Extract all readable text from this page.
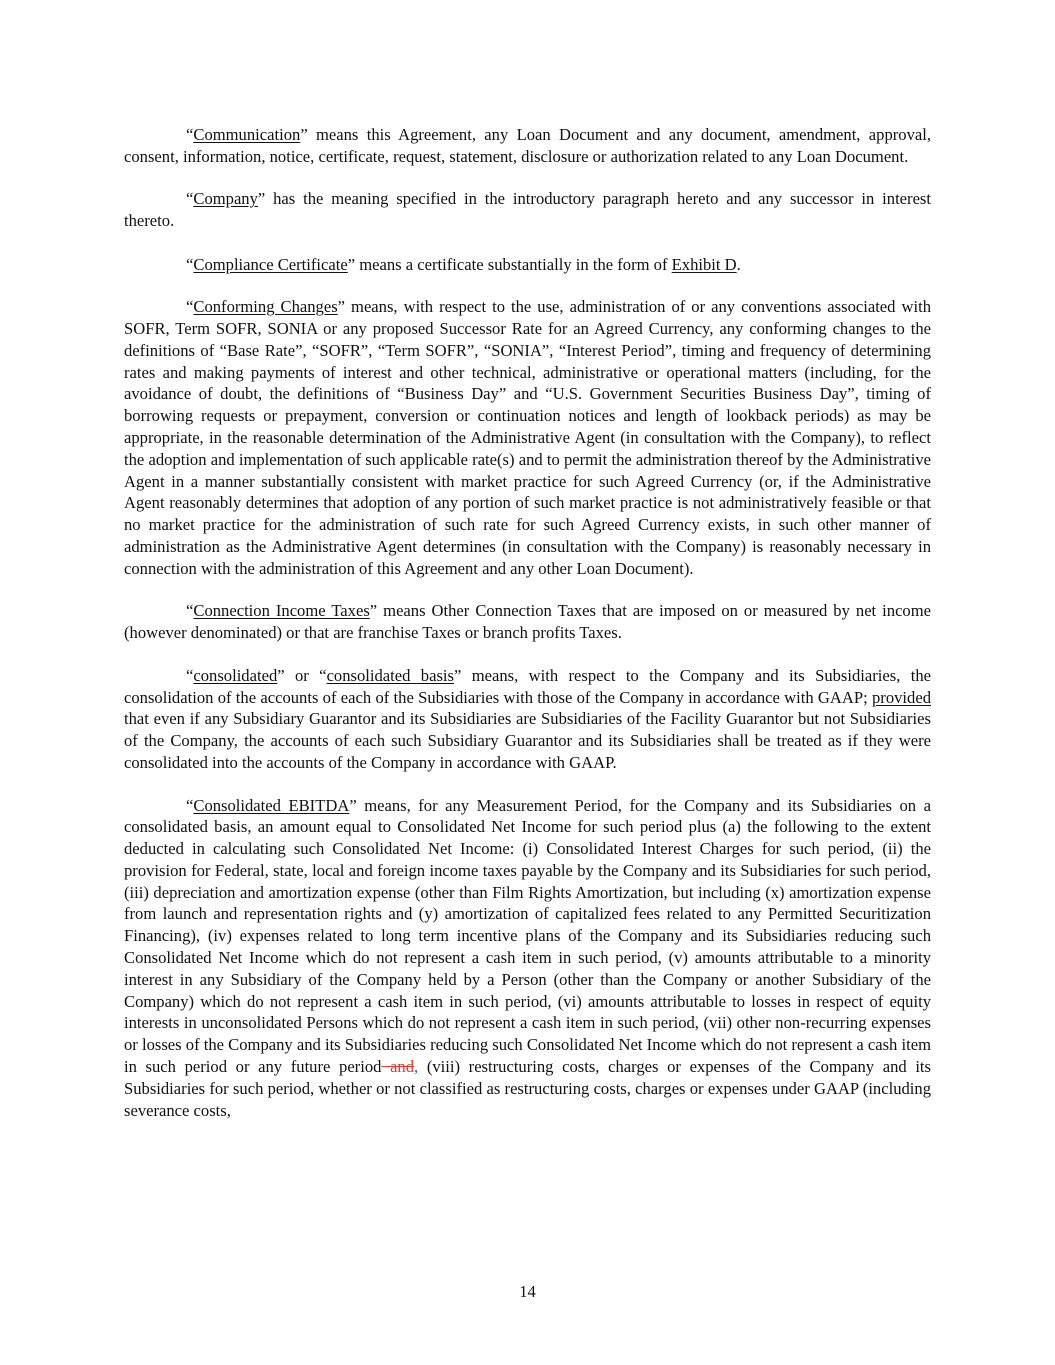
“Communication” means this Agreement, any Loan Document and any document, amendment, approval, consent, information, notice, certificate, request, statement, disclosure or authorization related to any Loan Document.

“Company” has the meaning specified in the introductory paragraph hereto and any successor in interest thereto.

“Compliance Certificate” means a certificate substantially in the form of Exhibit D.

“Conforming Changes” means, with respect to the use, administration of or any conventions associated with SOFR, Term SOFR, SONIA or any proposed Successor Rate for an Agreed Currency, any conforming changes to the definitions of “Base Rate”, “SOFR”, “Term SOFR”, “SONIA”, “Interest Period”, timing and frequency of determining rates and making payments of interest and other technical, administrative or operational matters (including, for the avoidance of doubt, the definitions of “Business Day” and “U.S. Government Securities Business Day”, timing of borrowing requests or prepayment, conversion or continuation notices and length of lookback periods) as may be appropriate, in the reasonable determination of the Administrative Agent (in consultation with the Company), to reflect the adoption and implementation of such applicable rate(s) and to permit the administration thereof by the Administrative Agent in a manner substantially consistent with market practice for such Agreed Currency (or, if the Administrative Agent reasonably determines that adoption of any portion of such market practice is not administratively feasible or that no market practice for the administration of such rate for such Agreed Currency exists, in such other manner of administration as the Administrative Agent determines (in consultation with the Company) is reasonably necessary in connection with the administration of this Agreement and any other Loan Document).

“Connection Income Taxes” means Other Connection Taxes that are imposed on or measured by net income (however denominated) or that are franchise Taxes or branch profits Taxes.

“consolidated” or “consolidated basis” means, with respect to the Company and its Subsidiaries, the consolidation of the accounts of each of the Subsidiaries with those of the Company in accordance with GAAP; provided that even if any Subsidiary Guarantor and its Subsidiaries are Subsidiaries of the Facility Guarantor but not Subsidiaries of the Company, the accounts of each such Subsidiary Guarantor and its Subsidiaries shall be treated as if they were consolidated into the accounts of the Company in accordance with GAAP.

“Consolidated EBITDA” means, for any Measurement Period, for the Company and its Subsidiaries on a consolidated basis, an amount equal to Consolidated Net Income for such period plus (a) the following to the extent deducted in calculating such Consolidated Net Income: (i) Consolidated Interest Charges for such period, (ii) the provision for Federal, state, local and foreign income taxes payable by the Company and its Subsidiaries for such period, (iii) depreciation and amortization expense (other than Film Rights Amortization, but including (x) amortization expense from launch and representation rights and (y) amortization of capitalized fees related to any Permitted Securitization Financing), (iv) expenses related to long term incentive plans of the Company and its Subsidiaries reducing such Consolidated Net Income which do not represent a cash item in such period, (v) amounts attributable to a minority interest in any Subsidiary of the Company held by a Person (other than the Company or another Subsidiary of the Company) which do not represent a cash item in such period, (vi) amounts attributable to losses in respect of equity interests in unconsolidated Persons which do not represent a cash item in such period, (vii) other non-recurring expenses or losses of the Company and its Subsidiaries reducing such Consolidated Net Income which do not represent a cash item in such period or any future period and, (viii) restructuring costs, charges or expenses of the Company and its Subsidiaries for such period, whether or not classified as restructuring costs, charges or expenses under GAAP (including severance costs,

14
